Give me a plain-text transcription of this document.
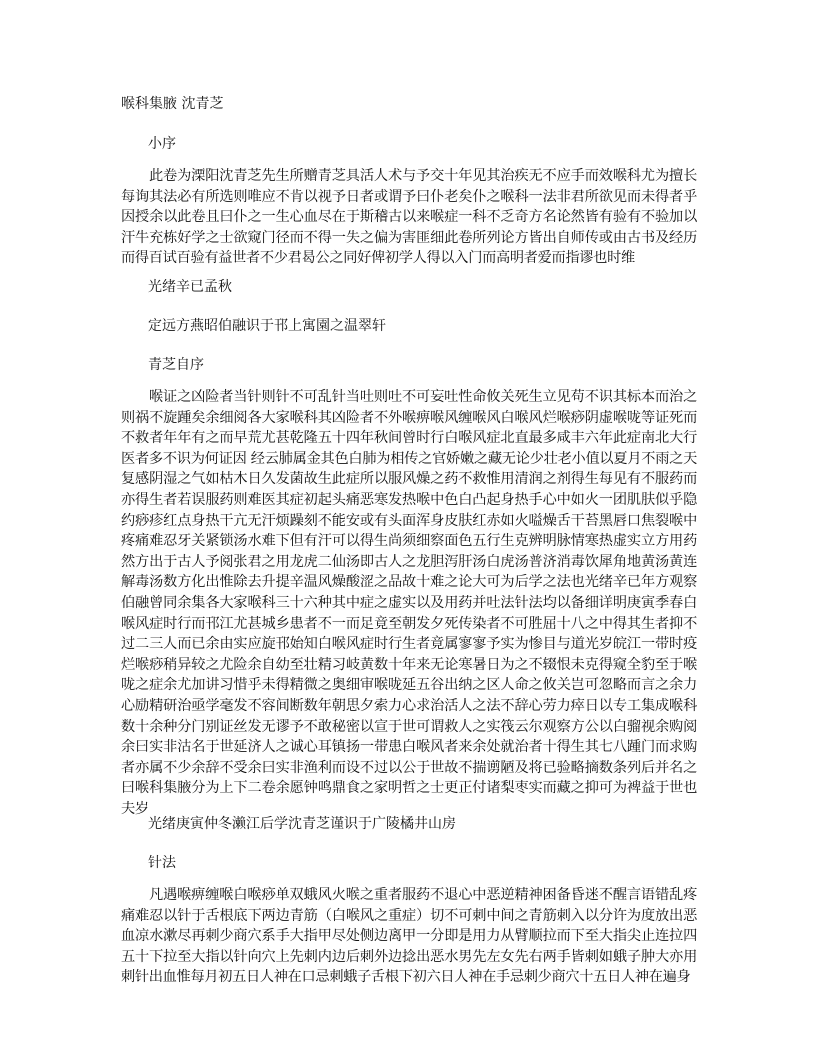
喉科集腋 沈青芝
小序

此卷为溧阳沈青芝先生所赠青芝具活人术与予交十年见其治疾无不应手而效喉科尤为擅长每询其法必有所选则唯应不肯以视予日者或谓予曰仆老矣仆之喉科一法非君所欲见而未得者乎因授余以此卷且曰仆之一生心血尽在于斯稽古以来喉症一科不乏奇方名论然皆有验有不验加以汗牛充栋好学之士欲窥门径而不得一失之偏为害匪细此卷所列论方皆出自师传或由古书及经历而得百试百验有益世者不少君曷公之同好俾初学人得以入门而高明者爱而指谬也时维

光绪辛已孟秋
定远方燕昭伯融识于邗上寓園之温翠轩
青芝自序

喉证之凶险者当针则针不可乱针当吐则吐不可妄吐性命攸关死生立见苟不识其标本而治之则祸不旋踵矣余细阅各大家喉科其凶险者不外喉痹喉风缠喉风白喉风烂喉痧阴虚喉咙等证死而不救者年年有之而早荒尤甚乾隆五十四年秋间曾时行白喉风症北直最多咸丰六年此症南北大行医者多不识为何证因 经云肺属金其色白肺为相传之官娇嫩之藏无论少壮老小值以夏月不雨之天复感阴湿之气如枯木日久发菌故生此症所以服风燥之药不救惟用清润之剂得生每见有不服药而亦得生者若误服药则难医其症初起头痛恶寒发热喉中色白凸起身热手心中如火一团肌肤似乎隐约痧疹红点身热干亢无汗烦躁刻不能安或有头面浑身皮肤红赤如火嗌燥舌干苔黑唇口焦裂喉中疼痛难忍牙关紧锁汤水难下但有汗可以得生尚须细察面色五行生克辨明脉情寒热虚实立方用药然方出于古人予阅张君之用龙虎二仙汤即古人之龙胆泻肝汤白虎汤普济消毒饮犀角地黄汤黄连解毒汤数方化出惟除去升提辛温风燥酸涩之品故十难之论大可为后学之法也光绪辛已年方观察伯融曾同余集各大家喉科三十六种其中症之虚实以及用药并吐法针法均以备细详明庚寅季春白喉风症时行而邗江尤甚城乡患者不一而足竟至朝发夕死传染者不可胜屈十八之中得其生者抑不过二三人而已余由实应旋邗始知白喉风症时行生者竟属寥寥予实为惨目与道光岁皖江一带时疫烂喉痧稍异较之尤险余自幼至壮精习岐黄数十年来无论寒暑日为之不辍恨未克得窥全豹至于喉咙之症余尤加讲习惜乎未得精微之奥细审喉咙延五谷出纳之区人命之攸关岂可忽略而言之余力心励精研治亟学毫发不容间断数年朝思夕索力心求治活人之法不辞心劳力瘁日以专工集成喉科数十余种分门别证丝发无谬予不敢秘密以宣于世可谓救人之实筏云尔观察方公以白骝视余购阅余曰实非沽名于世延济人之诚心耳镇扬一带患白喉风者来余处就治者十得生其七八踵门而求购者亦属不少余辞不受余曰实非渔利而设不过以公于世故不揣谫陋及将已验略摘数条列后并名之曰喉科集腋分为上下二卷余愿钟鸣鼎食之家明哲之士更正付诸梨枣实而藏之抑可为裨益于世也夫岁

光绪庚寅仲冬濑江后学沈青芝谨识于广陵橘井山房
针法

凡遇喉痹缠喉白喉痧单双蛾风火喉之重者服药不退心中恶逆精神困备昏迷不醒言语错乱疼痛难忍以针于舌根底下两边青筋（白喉风之重症）切不可刺中间之青筋刺入以分许为度放出恶血凉水漱尽再刺少商穴系手大指甲尽处侧边离甲一分即是用力从臂顺拉而下至大指尖止连拉四五十下拉至大指以针向穴上先刺内边后刺外边捻出恶水男先左女先右两手皆刺如蛾子肿大亦用刺针出血惟每月初五日人神在口忌刺蛾子舌根下初六日人神在手忌刺少商穴十五日人神在遍身
